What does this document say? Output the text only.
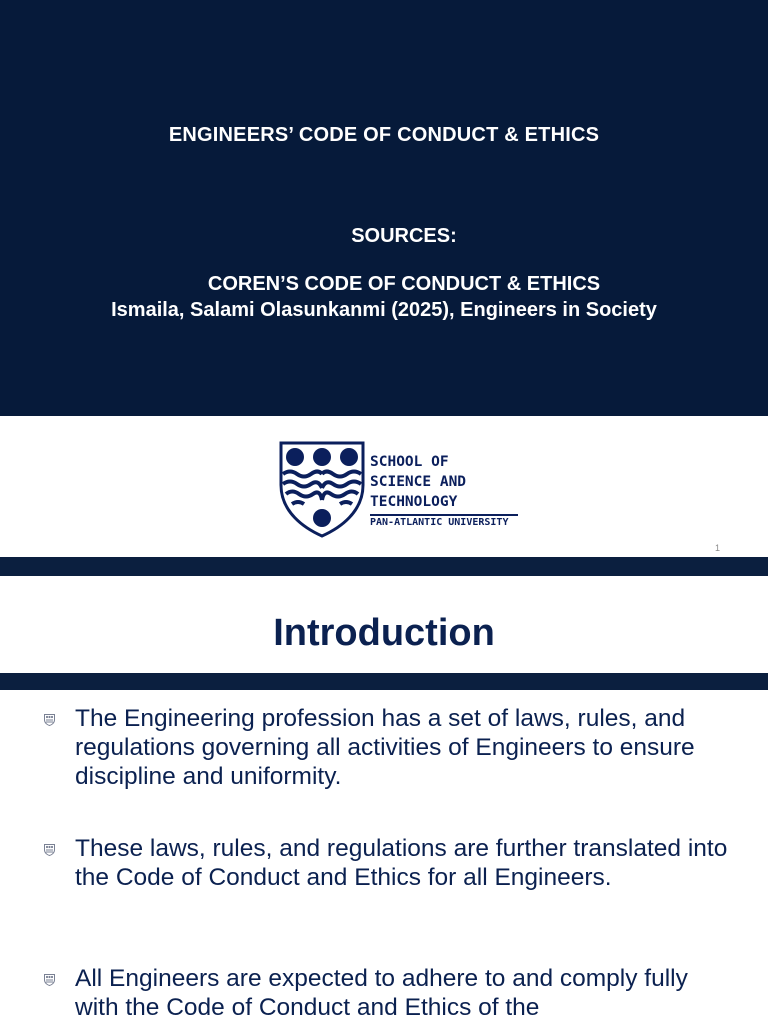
ENGINEERS’ CODE OF CONDUCT & ETHICS
SOURCES:
COREN’S CODE OF CONDUCT & ETHICS
Ismaila, Salami Olasunkanmi (2025), Engineers in Society
SCHOOL OF
SCIENCE AND
TECHNOLOGY
PAN-ATLANTIC UNIVERSITY
1
Introduction
The Engineering profession has a set of laws, rules, and regulations governing all activities of Engineers to ensure discipline and uniformity.
These laws, rules, and regulations are further translated into the Code of Conduct and Ethics for all Engineers.
All Engineers are expected to adhere to and comply fully with the Code of Conduct and Ethics of the
